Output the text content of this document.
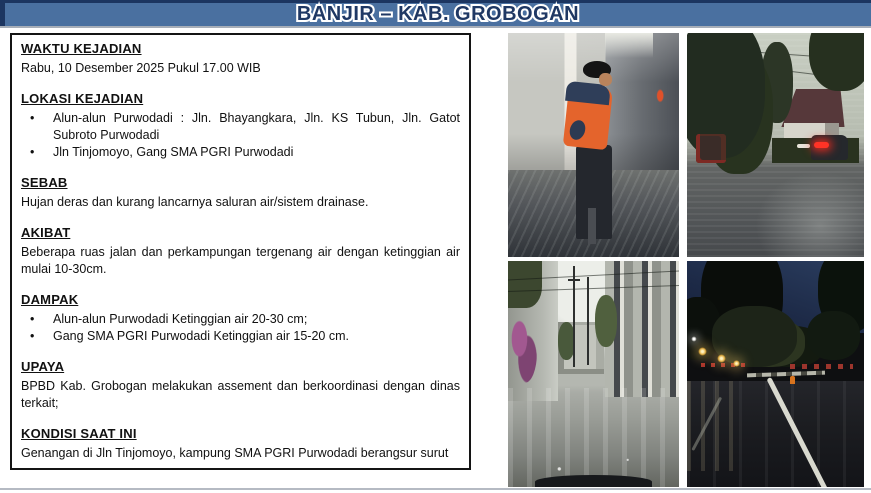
BANJIR – KAB. GROBOGAN
WAKTU KEJADIAN

Rabu, 10 Desember 2025 Pukul 17.00 WIB

LOKASI KEJADIAN
• Alun-alun Purwodadi : Jln. Bhayangkara, Jln. KS Tubun, Jln. Gatot Subroto Purwodadi
• Jln Tinjomoyo, Gang SMA PGRI Purwodadi
SEBAB

Hujan deras dan kurang lancarnya saluran air/sistem drainase.

AKIBAT

Beberapa ruas jalan dan perkampungan tergenang air dengan ketinggian air mulai 10-30cm.

DAMPAK
• Alun-alun Purwodadi Ketinggian air 20-30 cm;
• Gang SMA PGRI Purwodadi Ketinggian air 15-20 cm.
UPAYA

BPBD Kab. Grobogan melakukan assement dan berkoordinasi dengan dinas terkait;

KONDISI SAAT INI

Genangan di Jln Tinjomoyo, kampung SMA PGRI Purwodadi berangsur surut
